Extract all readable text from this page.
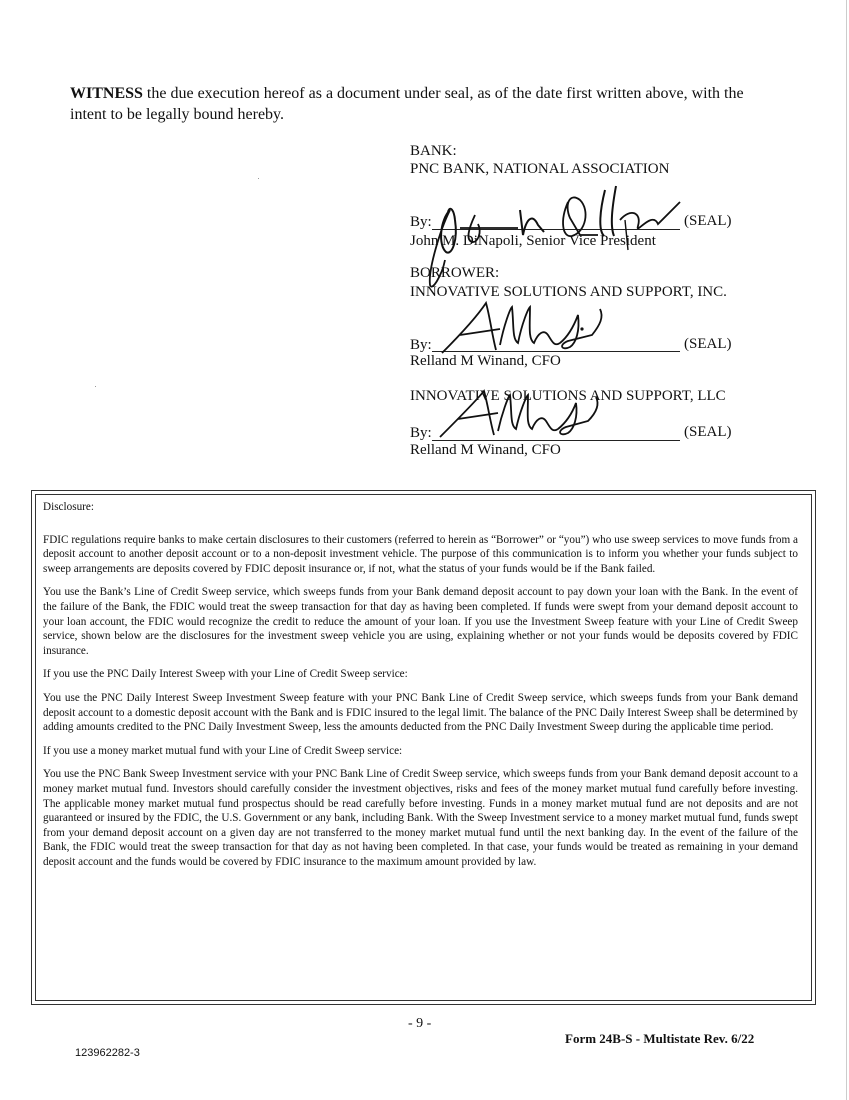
WITNESS the due execution hereof as a document under seal, as of the date first written above, with the intent to be legally bound hereby.
BANK:
PNC BANK, NATIONAL ASSOCIATION
By:	(SEAL)
John M. DiNapoli, Senior Vice President
BORROWER:
INNOVATIVE SOLUTIONS AND SUPPORT, INC.
By:	(SEAL)
Relland M Winand, CFO
INNOVATIVE SOLUTIONS AND SUPPORT, LLC
By:	(SEAL)
Relland M Winand, CFO

Disclosure:

FDIC regulations require banks to make certain disclosures to their customers (referred to herein as “Borrower” or “you”) who use sweep services to move funds from a deposit account to another deposit account or to a non-deposit investment vehicle. The purpose of this communication is to inform you whether your funds subject to sweep arrangements are deposits covered by FDIC deposit insurance or, if not, what the status of your funds would be if the Bank failed.

You use the Bank’s Line of Credit Sweep service, which sweeps funds from your Bank demand deposit account to pay down your loan with the Bank. In the event of the failure of the Bank, the FDIC would treat the sweep transaction for that day as having been completed. If funds were swept from your demand deposit account to your loan account, the FDIC would recognize the credit to reduce the amount of your loan. If you use the Investment Sweep feature with your Line of Credit Sweep service, shown below are the disclosures for the investment sweep vehicle you are using, explaining whether or not your funds would be deposits covered by FDIC insurance.

If you use the PNC Daily Interest Sweep with your Line of Credit Sweep service:

You use the PNC Daily Interest Sweep Investment Sweep feature with your PNC Bank Line of Credit Sweep service, which sweeps funds from your Bank demand deposit account to a domestic deposit account with the Bank and is FDIC insured to the legal limit. The balance of the PNC Daily Interest Sweep shall be determined by adding amounts credited to the PNC Daily Investment Sweep, less the amounts deducted from the PNC Daily Investment Sweep during the applicable time period.

If you use a money market mutual fund with your Line of Credit Sweep service:

You use the PNC Bank Sweep Investment service with your PNC Bank Line of Credit Sweep service, which sweeps funds from your Bank demand deposit account to a money market mutual fund. Investors should carefully consider the investment objectives, risks and fees of the money market mutual fund carefully before investing. The applicable money market mutual fund prospectus should be read carefully before investing. Funds in a money market mutual fund are not deposits and are not guaranteed or insured by the FDIC, the U.S. Government or any bank, including Bank. With the Sweep Investment service to a money market mutual fund, funds swept from your demand deposit account on a given day are not transferred to the money market mutual fund until the next banking day. In the event of the failure of the Bank, the FDIC would treat the sweep transaction for that day as not having been completed. In that case, your funds would be treated as remaining in your demand deposit account and the funds would be covered by FDIC insurance to the maximum amount provided by law.

- 9 -
Form 24B-S - Multistate Rev. 6/22
123962282-3
